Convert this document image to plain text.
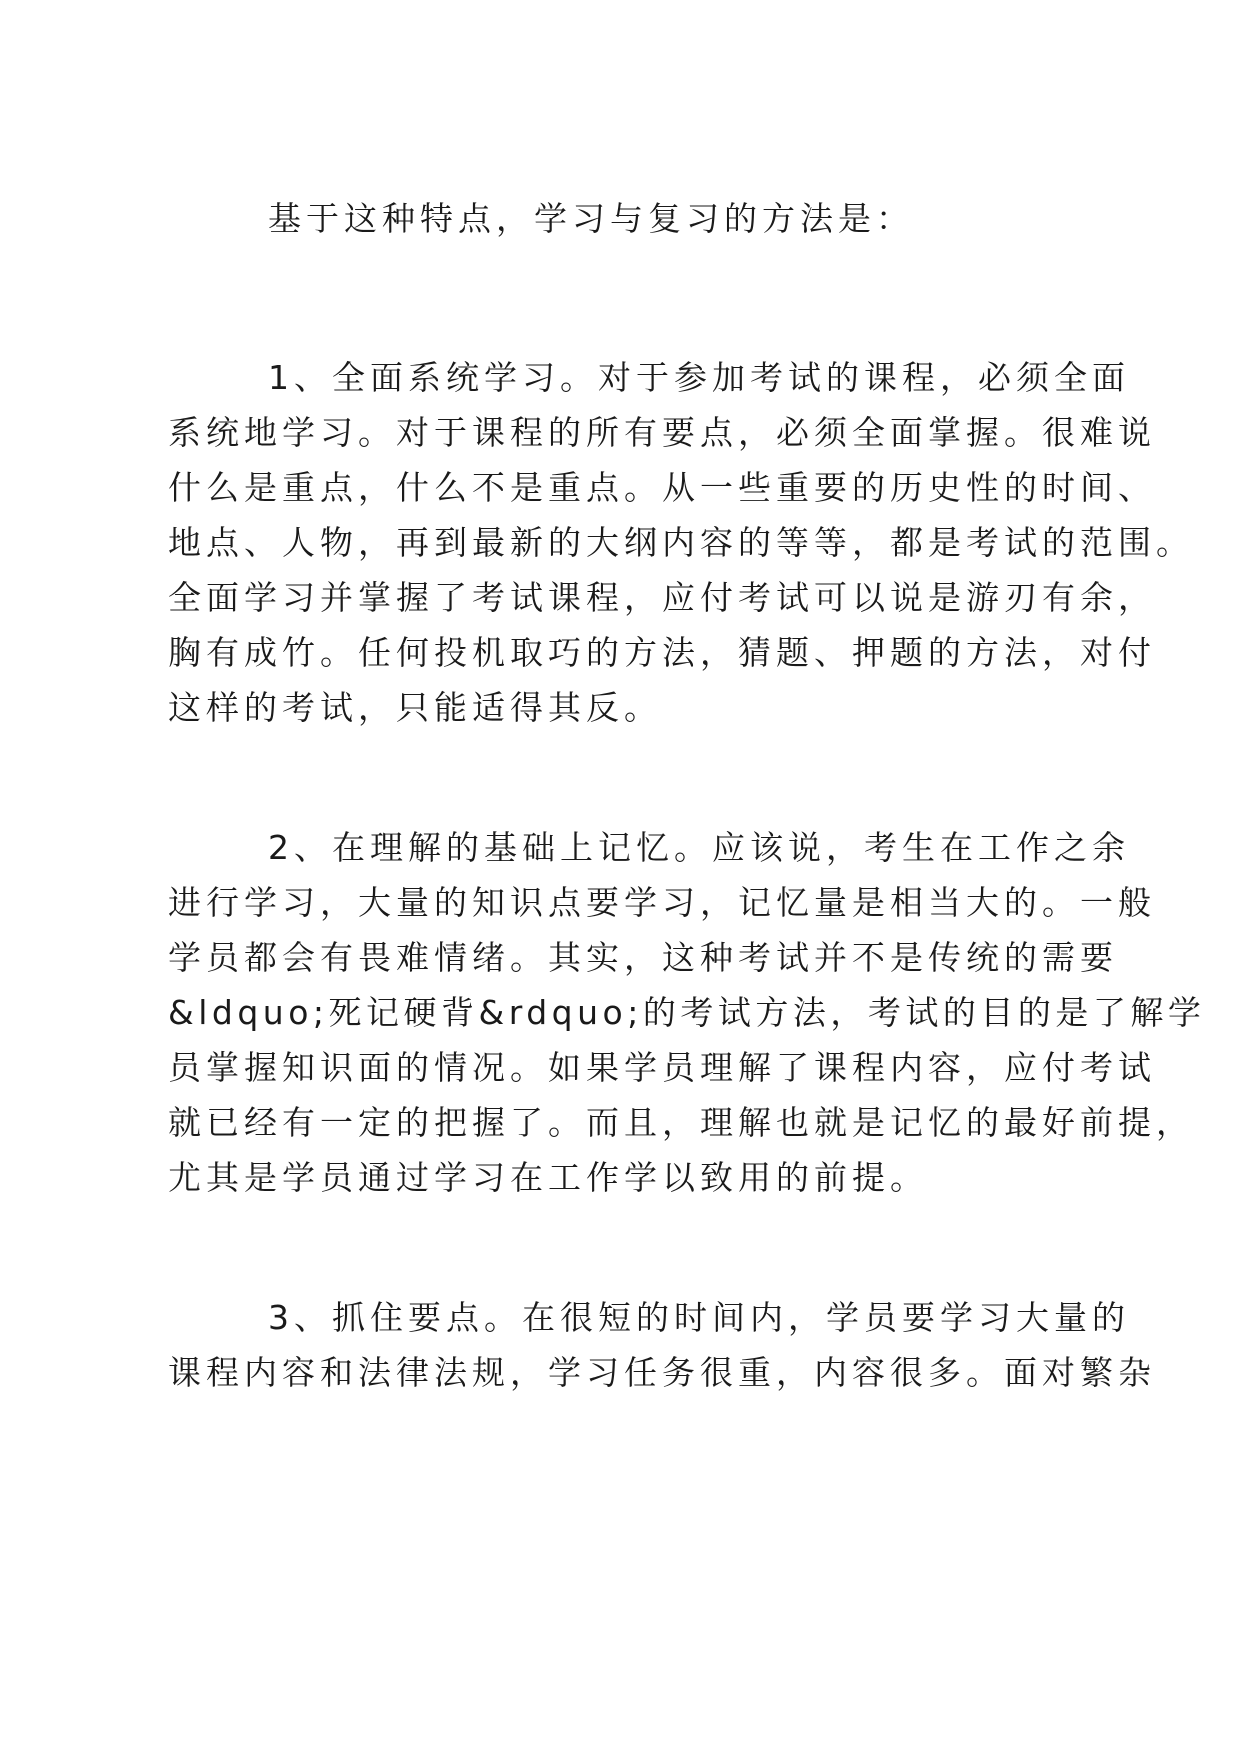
基于这种特点，学习与复习的方法是：

1、全面系统学习。对于参加考试的课程，必须全面

系统地学习。对于课程的所有要点，必须全面掌握。很难说

什么是重点，什么不是重点。从一些重要的历史性的时间、

地点、人物，再到最新的大纲内容的等等，都是考试的范围。

全面学习并掌握了考试课程，应付考试可以说是游刃有余，

胸有成竹。任何投机取巧的方法，猜题、押题的方法，对付

这样的考试，只能适得其反。

2、在理解的基础上记忆。应该说，考生在工作之余

进行学习，大量的知识点要学习，记忆量是相当大的。一般

学员都会有畏难情绪。其实，这种考试并不是传统的需要

&ldquo;死记硬背&rdquo;的考试方法，考试的目的是了解学

员掌握知识面的情况。如果学员理解了课程内容，应付考试

就已经有一定的把握了。而且，理解也就是记忆的最好前提，

尤其是学员通过学习在工作学以致用的前提。

3、抓住要点。在很短的时间内，学员要学习大量的

课程内容和法律法规，学习任务很重，内容很多。面对繁杂
